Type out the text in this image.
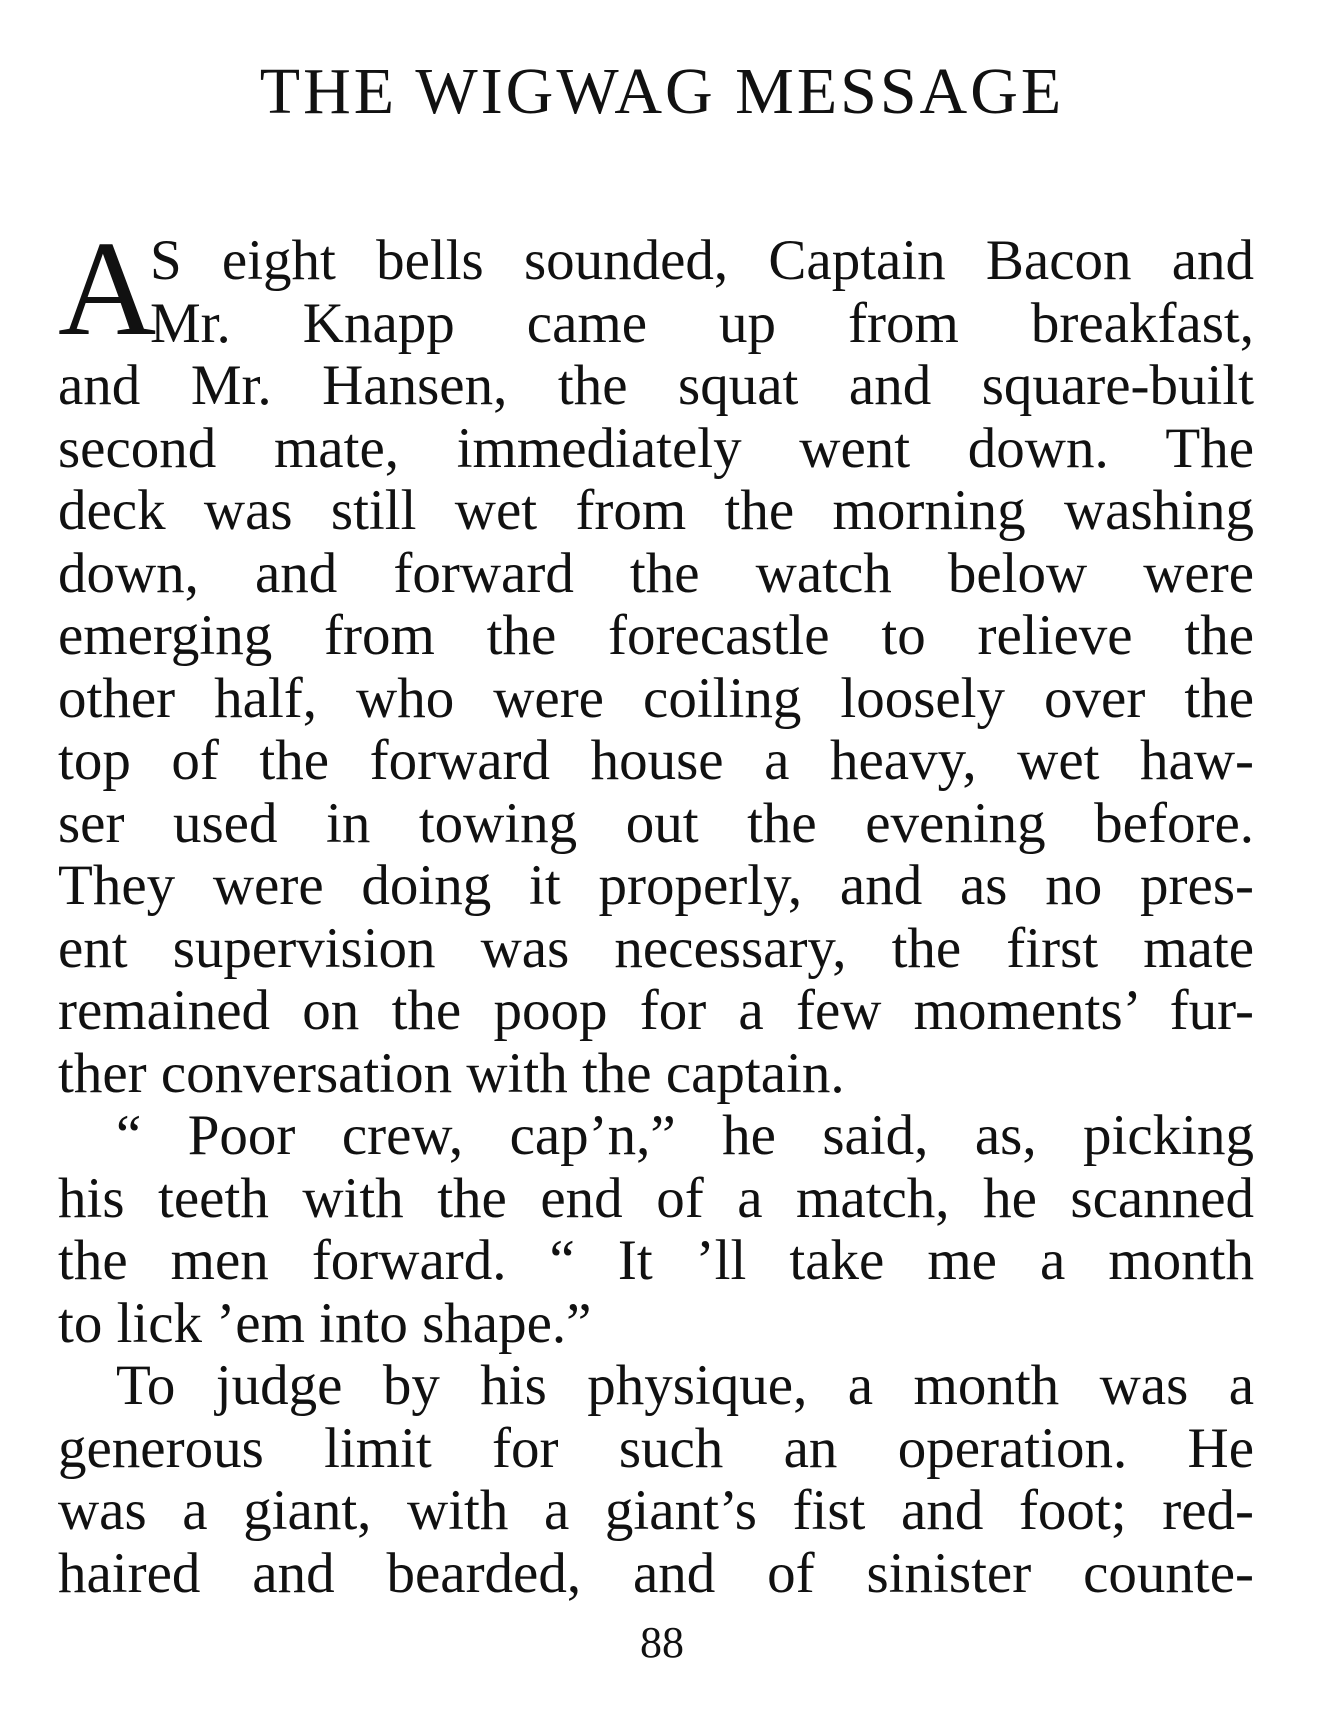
THE WIGWAG MESSAGE
A
S eight bells sounded, Captain Bacon and
Mr. Knapp came up from breakfast,
and Mr. Hansen, the squat and square-built
second mate, immediately went down. The
deck was still wet from the morning washing
down, and forward the watch below were
emerging from the forecastle to relieve the
other half, who were coiling loosely over the
top of the forward house a heavy, wet haw-
ser used in towing out the evening before.
They were doing it properly, and as no pres-
ent supervision was necessary, the first mate
remained on the poop for a few moments’ fur-
ther conversation with the captain.
“ Poor crew, cap’n,” he said, as, picking
his teeth with the end of a match, he scanned
the men forward. “ It ’ll take me a month
to lick ’em into shape.”
To judge by his physique, a month was a
generous limit for such an operation. He
was a giant, with a giant’s fist and foot; red-
haired and bearded, and of sinister counte-
88
